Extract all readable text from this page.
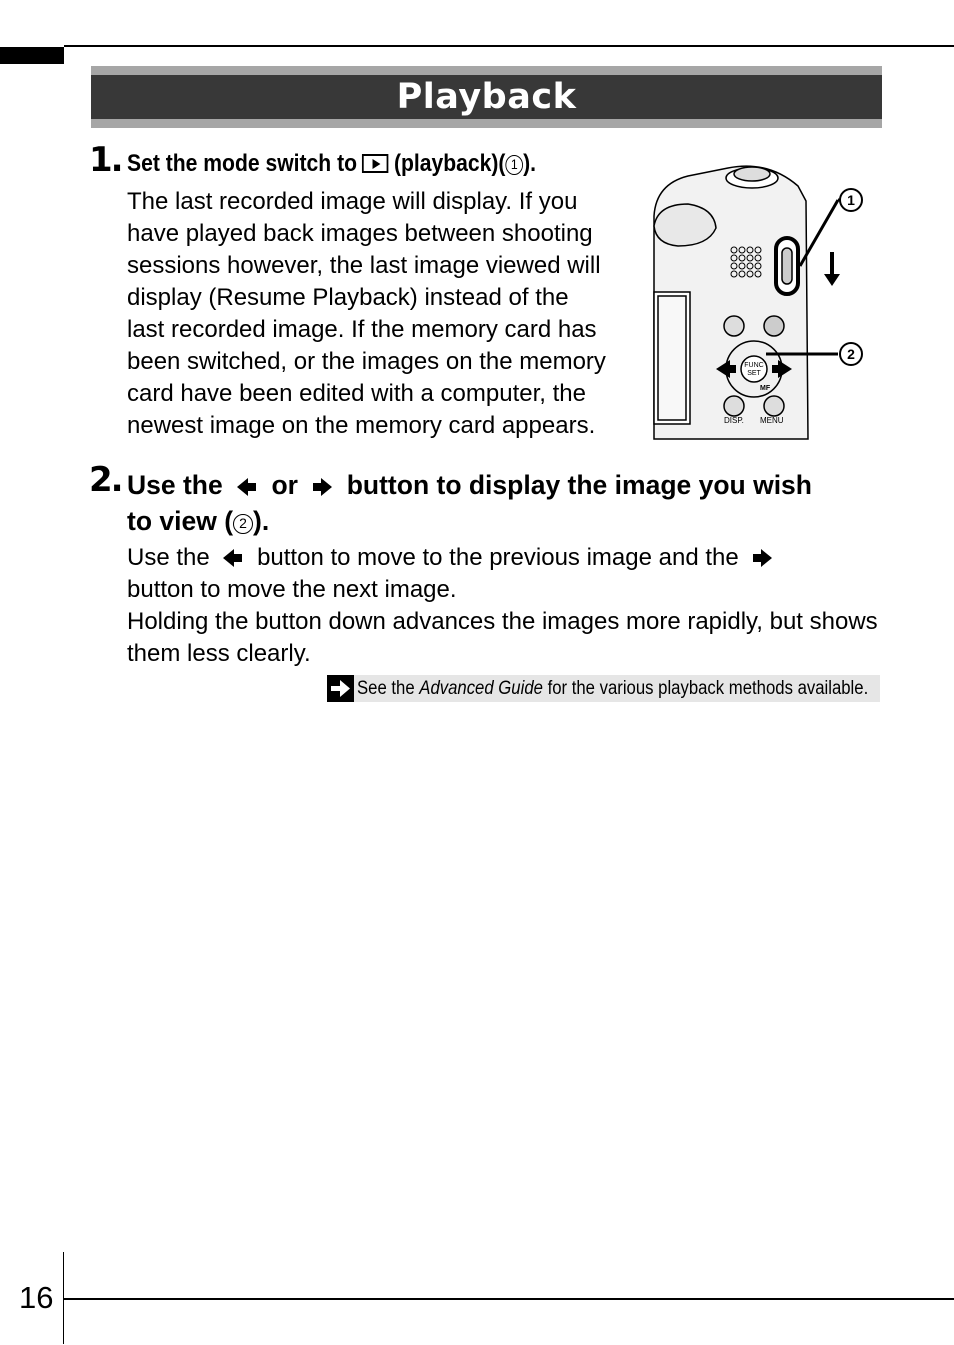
Playback
1. Set the mode switch to (playback)( 1 ).
The last recorded image will display. If you
have played back images between shooting
sessions however, the last image viewed will
display (Resume Playback) instead of the
last recorded image. If the memory card has
been switched, or the images on the memory
card have been edited with a computer, the
newest image on the memory card appears.
1
2
FUNC
SET
MF
DISP. MENU
2. Use the or button to display the image you wish
to view ( 2 ).
Use the button to move to the previous image and the
button to move the next image.
Holding the button down advances the images more rapidly, but shows them less clearly.
See the Advanced Guide for the various playback methods available.
16
